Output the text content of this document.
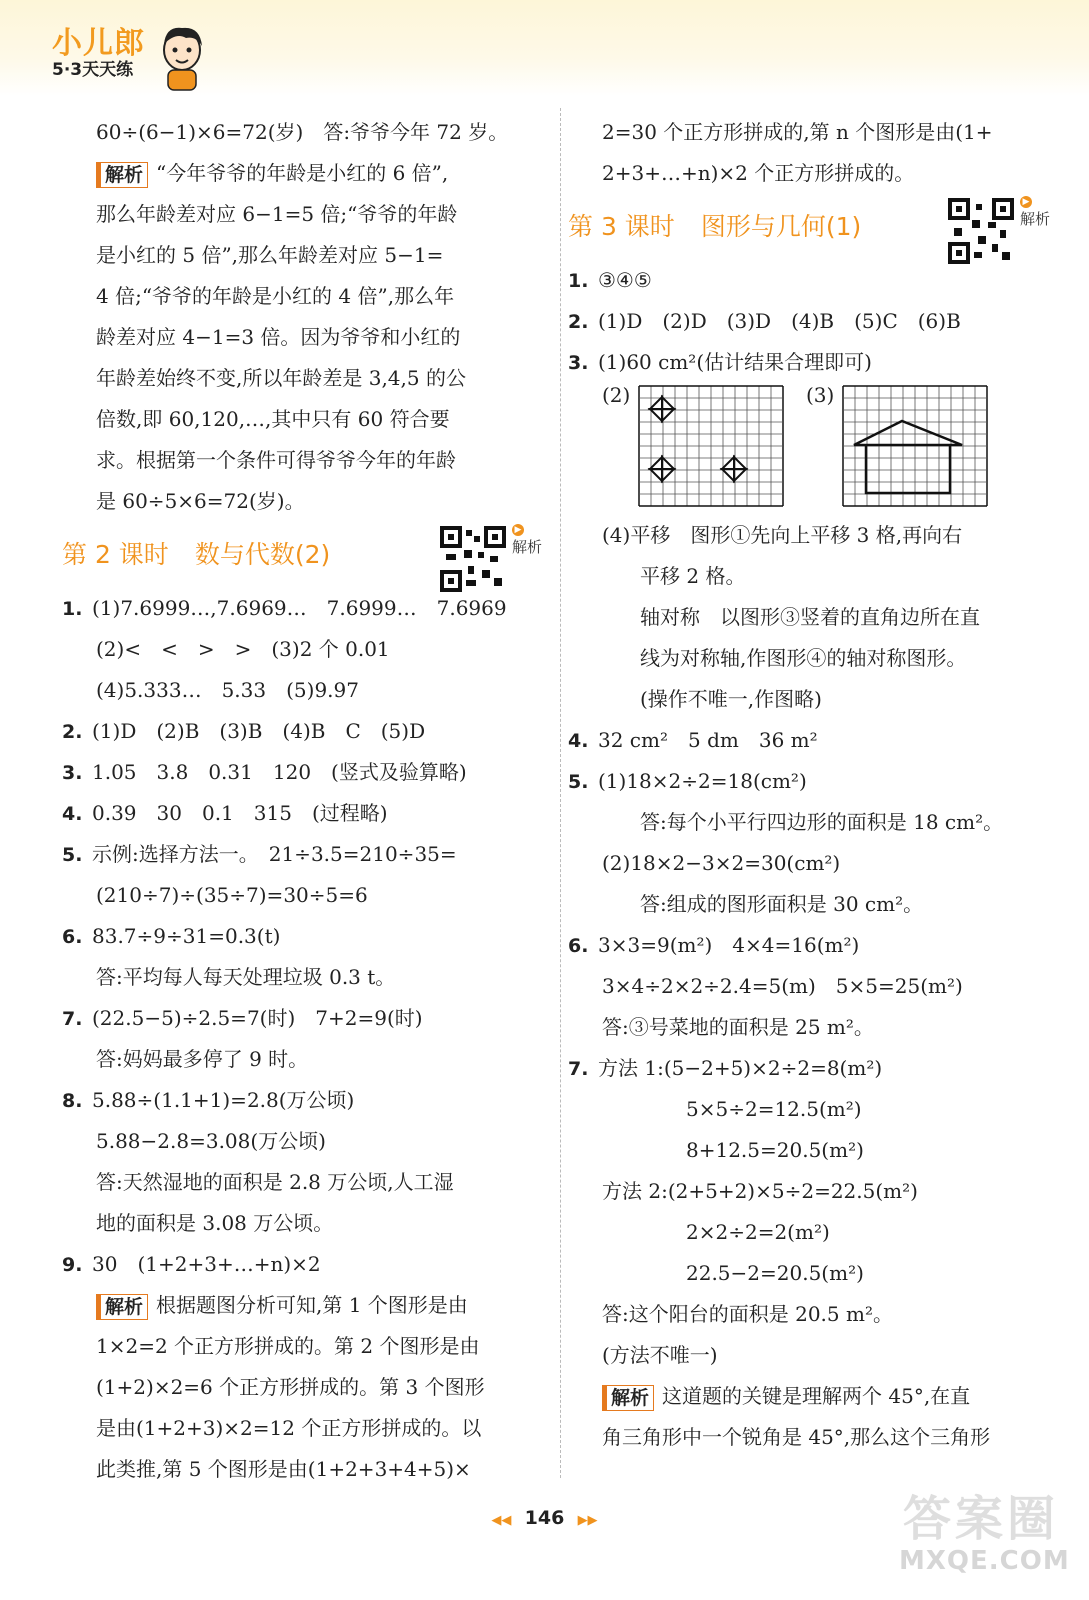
小儿郎
5·3天天练
60÷(6−1)×6=72(岁)　答:爷爷今年 72 岁。
解析 “今年爷爷的年龄是小红的 6 倍”,
那么年龄差对应 6−1=5 倍;“爷爷的年龄
是小红的 5 倍”,那么年龄差对应 5−1=
4 倍;“爷爷的年龄是小红的 4 倍”,那么年
龄差对应 4−1=3 倍。因为爷爷和小红的
年龄差始终不变,所以年龄差是 3,4,5 的公
倍数,即 60,120,…,其中只有 60 符合要
求。根据第一个条件可得爷爷今年的年龄
是 60÷5×6=72(岁)。
第 2 课时 数与代数(2)
▶
解析
1. (1)7.6999…,7.6969…　7.6999…　7.6969
(2)<　<　>　>　(3)2 个 0.01
(4)5.333…　5.33　(5)9.97
2. (1)D　(2)B　(3)B　(4)B　C　(5)D
3. 1.05　3.8　0.31　120　(竖式及验算略)
4. 0.39　30　0.1　315　(过程略)
5. 示例:选择方法一。　21÷3.5=210÷35=
(210÷7)÷(35÷7)=30÷5=6
6. 83.7÷9÷31=0.3(t)
答:平均每人每天处理垃圾 0.3 t。
7. (22.5−5)÷2.5=7(时)　7+2=9(时)
答:妈妈最多停了 9 时。
8. 5.88÷(1.1+1)=2.8(万公顷)
5.88−2.8=3.08(万公顷)
答:天然湿地的面积是 2.8 万公顷,人工湿
地的面积是 3.08 万公顷。
9. 30　(1+2+3+…+n)×2
解析 根据题图分析可知,第 1 个图形是由
1×2=2 个正方形拼成的。第 2 个图形是由
(1+2)×2=6 个正方形拼成的。第 3 个图形
是由(1+2+3)×2=12 个正方形拼成的。以
此类推,第 5 个图形是由(1+2+3+4+5)×
2=30 个正方形拼成的,第 n 个图形是由(1+
2+3+…+n)×2 个正方形拼成的。
第 3 课时 图形与几何(1)
▶
解析
1. ③④⑤
2. (1)D　(2)D　(3)D　(4)B　(5)C　(6)B
3. (1)60 cm²(估计结果合理即可)
(2)	(3)
(4)平移　图形①先向上平移 3 格,再向右
平移 2 格。
轴对称　以图形③竖着的直角边所在直
线为对称轴,作图形④的轴对称图形。
(操作不唯一,作图略)
4. 32 cm²　5 dm　36 m²
5. (1)18×2÷2=18(cm²)
答:每个小平行四边形的面积是 18 cm²。
(2)18×2−3×2=30(cm²)
答:组成的图形面积是 30 cm²。
6. 3×3=9(m²)　4×4=16(m²)
3×4÷2×2÷2.4=5(m)　5×5=25(m²)
答:③号菜地的面积是 25 m²。
7. 方法 1:(5−2+5)×2÷2=8(m²)
5×5÷2=12.5(m²)
8+12.5=20.5(m²)
方法 2:(2+5+2)×5÷2=22.5(m²)
2×2÷2=2(m²)
22.5−2=20.5(m²)
答:这个阳台的面积是 20.5 m²。
(方法不唯一)
解析 这道题的关键是理解两个 45°,在直
角三角形中一个锐角是 45°,那么这个三角形
◀◀ 146 ▶▶	答案圈
MXQE.COM
